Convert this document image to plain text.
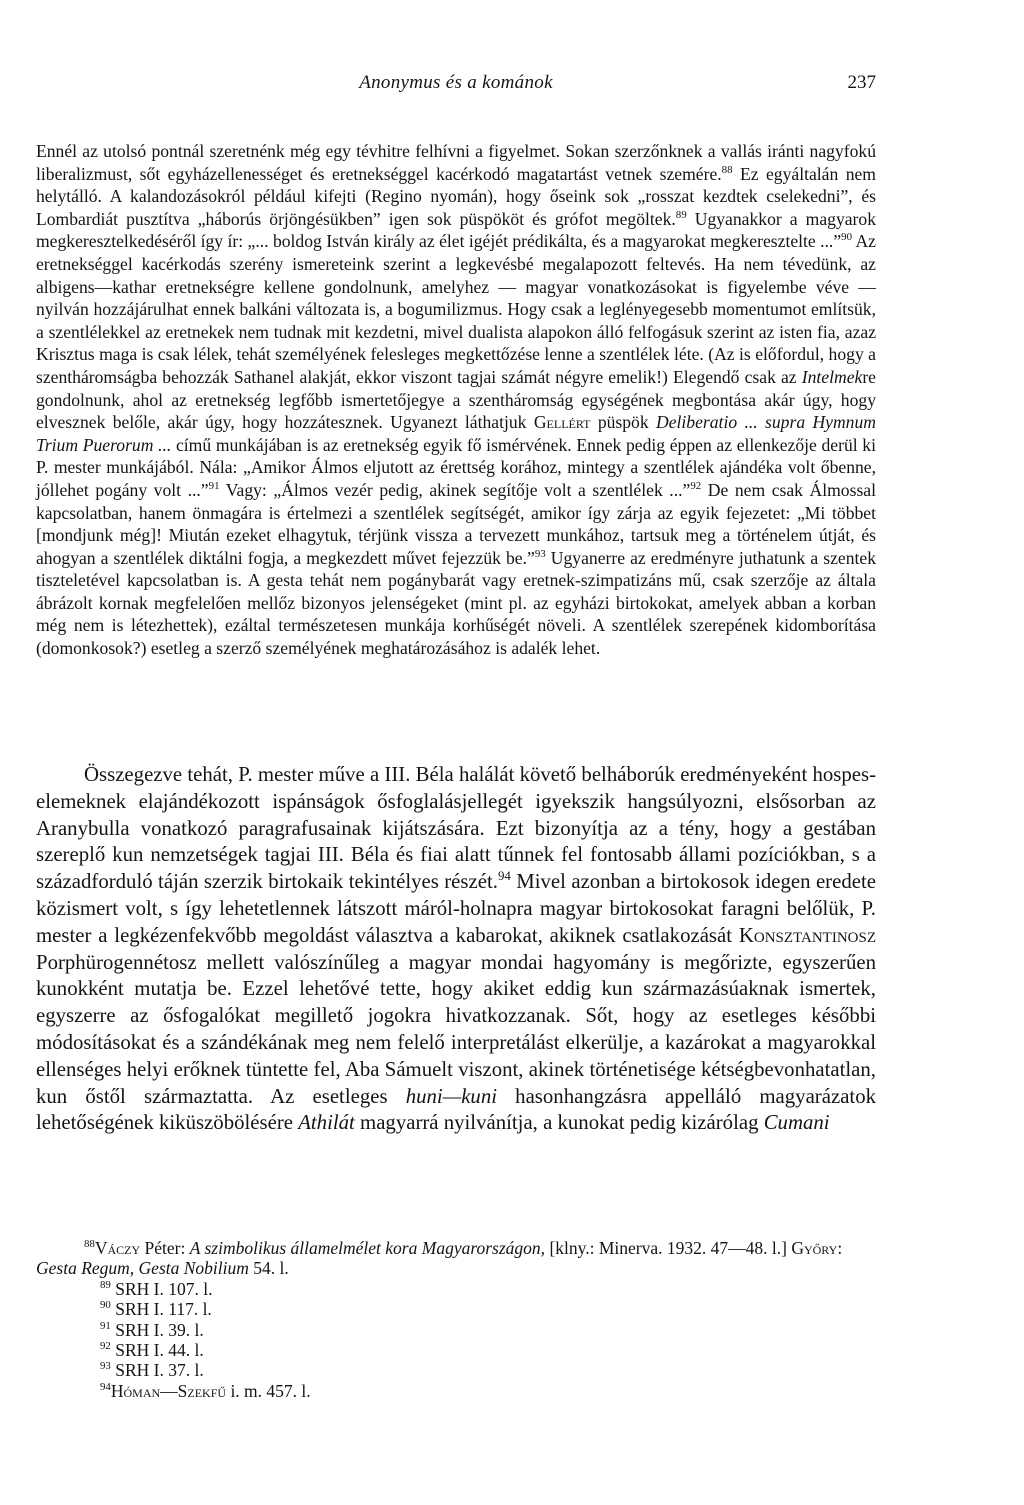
Anonymus és a kománok	237

Ennél az utolsó pontnál szeretnénk még egy tévhitre felhívni a figyelmet. Sokan szerzőnknek a vallás iránti nagyfokú liberalizmust, sőt egyházellenességet és eretnekséggel kacérkodó magatartást vetnek szemére.$^{88}$ Ez egyáltalán nem helytálló. A kalandozásokról például kifejti (Regino nyomán), hogy őseink sok „rosszat kezdtek cselekedni”, és Lombardiát pusztítva „háborús örjöngésükben” igen sok püspököt és grófot megöltek.$^{89}$ Ugyanakkor a magyarok megkeresztelkedéséről így ír: „... boldog István király az élet igéjét prédikálta, és a magyarokat megkeresztelte ...”$^{90}$ Az eretnekséggel kacérkodás szerény ismereteink szerint a legkevésbé megalapozott feltevés. Ha nem tévedünk, az albigens—kathar eretnekségre kellene gondolnunk, amelyhez — magyar vonatkozásokat is figyelembe véve — nyilván hozzájárulhat ennek balkáni változata is, a bogumilizmus. Hogy csak a leglényegesebb momentumot említsük, a szentlélekkel az eretnekek nem tudnak mit kezdetni, mivel dualista alapokon álló felfogásuk szerint az isten fia, azaz Krisztus maga is csak lélek, tehát személyének felesleges megkettőzése lenne a szentlélek léte. (Az is előfordul, hogy a szentháromságba behozzák Sathanel alakját, ekkor viszont tagjai számát négyre emelik!) Elegendő csak az Intelmekre gondolnunk, ahol az eretnekség legfőbb ismertetőjegye a szentháromság egységének megbontása akár úgy, hogy elvesznek belőle, akár úgy, hogy hozzátesznek. Ugyanezt láthatjuk Gellért püspök Deliberatio ... supra Hymnum Trium Puerorum ... című munkájában is az eretnekség egyik fő ismérvének. Ennek pedig éppen az ellenkezője derül ki P. mester munkájából. Nála: „Amikor Álmos eljutott az érettség korához, mintegy a szentlélek ajándéka volt őbenne, jóllehet pogány volt ...”$^{91}$ Vagy: „Álmos vezér pedig, akinek segítője volt a szentlélek ...”$^{92}$ De nem csak Álmossal kapcsolatban, hanem önmagára is értelmezi a szentlélek segítségét, amikor így zárja az egyik fejezetet: „Mi többet [mondjunk még]! Miután ezeket elhagytuk, térjünk vissza a tervezett munkához, tartsuk meg a történelem útját, és ahogyan a szentlélek diktálni fogja, a megkezdett művet fejezzük be.”$^{93}$ Ugyanerre az eredményre juthatunk a szentek tiszteletével kapcsolatban is. A gesta tehát nem pogánybarát vagy eretnek-szimpatizáns mű, csak szerzője az általa ábrázolt kornak megfelelően mellőz bizonyos jelenségeket (mint pl. az egyházi birtokokat, amelyek abban a korban még nem is létezhettek), ezáltal természetesen munkája korhűségét növeli. A szentlélek szerepének kidomborítása (domonkosok?) esetleg a szerző személyének meghatározásához is adalék lehet.

Összegezve tehát, P. mester műve a III. Béla halálát követő belháborúk eredményeként hospes-elemeknek elajándékozott ispánságok ősfoglalásjellegét igyekszik hangsúlyozni, elsősorban az Aranybulla vonatkozó paragrafusainak kijátszására. Ezt bizonyítja az a tény, hogy a gestában szereplő kun nemzetségek tagjai III. Béla és fiai alatt tűnnek fel fontosabb állami pozíciókban, s a századforduló táján szerzik birtokaik tekintélyes részét.$^{94}$ Mivel azonban a birtokosok idegen eredete közismert volt, s így lehetetlennek látszott máról-holnapra magyar birtokosokat faragni belőlük, P. mester a legkézenfekvőbb megoldást választva a kabarokat, akiknek csatlakozását Konsztantinosz Porphürogennétosz mellett valószínűleg a magyar mondai hagyomány is megőrizte, egyszerűen kunokként mutatja be. Ezzel lehetővé tette, hogy akiket eddig kun származásúaknak ismertek, egyszerre az ősfogalókat megillető jogokra hivatkozzanak. Sőt, hogy az esetleges későbbi módosításokat és a szándékának meg nem felelő interpretálást elkerülje, a kazárokat a magyarokkal ellenséges helyi erőknek tüntette fel, Aba Sámuelt viszont, akinek történetisége kétségbevonhatatlan, kun őstől származtatta. Az esetleges huni—kuni hasonhangzásra appelláló magyarázatok lehetőségének kiküszöbölésére Athilát magyarrá nyilvánítja, a kunokat pedig kizárólag Cumani

$^{88}$Váczy Péter: A szimbolikus államelmélet kora Magyarországon, [klny.: Minerva. 1932. 47—48. l.] Győry: Gesta Regum, Gesta Nobilium 54. l.

$^{89}$ SRH I. 107. l.

$^{90}$ SRH I. 117. l.

$^{91}$ SRH I. 39. l.

$^{92}$ SRH I. 44. l.

$^{93}$ SRH I. 37. l.

$^{94}$Hóman—Szekfű i. m. 457. l.
